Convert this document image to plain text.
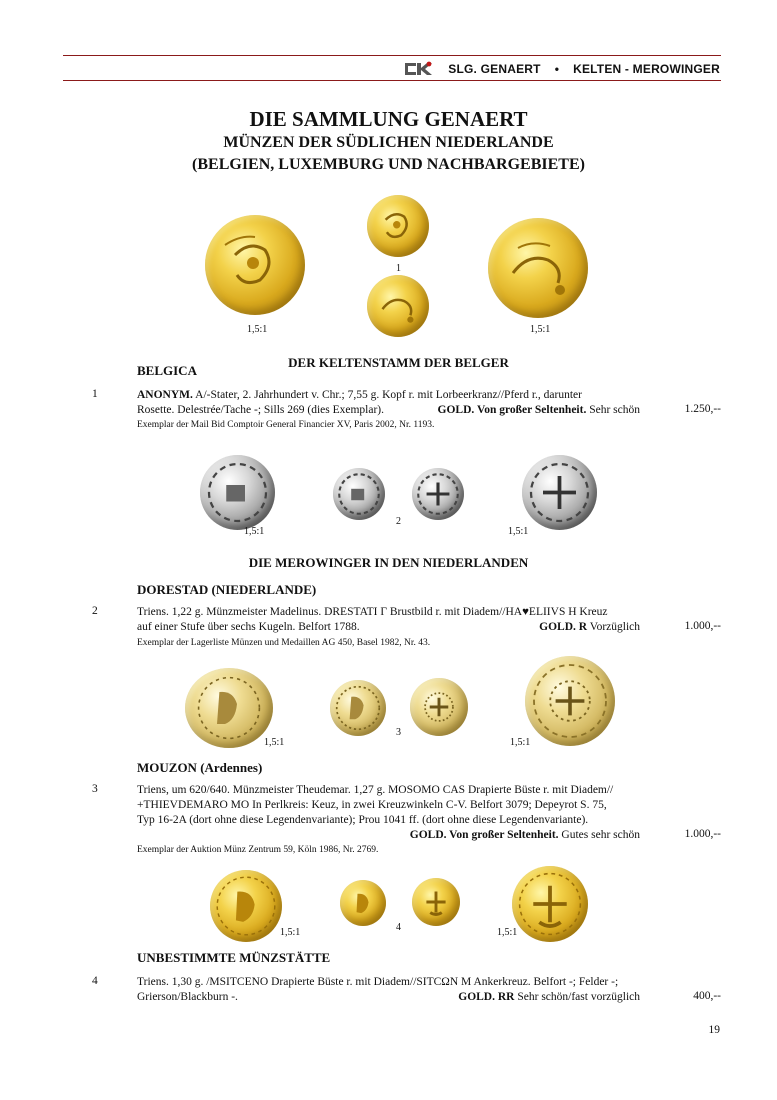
SLG. GENAERT • KELTEN - MEROWINGER
DIE SAMMLUNG GENAERT
MÜNZEN DER SÜDLICHEN NIEDERLANDE
(BELGIEN, LUXEMBURG UND NACHBARGEBIETE)
1
1,5:1	1,5:1
BELGICA
DER KELTENSTAMM DER BELGER
1	ANONYM. A/-Stater, 2. Jahrhundert v. Chr.; 7,55 g. Kopf r. mit Lorbeerkranz//Pferd r., darunter

Rosette. Delestrée/Tache -; Sills 269 (dies Exemplar).	GOLD. Von großer Seltenheit. Sehr schön	1.250,--
Exemplar der Mail Bid Comptoir General Financier XV, Paris 2002, Nr. 1193.
2
1,5:1	1,5:1
DIE MEROWINGER IN DEN NIEDERLANDEN
DORESTAD (NIEDERLANDE)
2	Triens. 1,22 g. Münzmeister Madelinus. DRESTATI Γ Brustbild r. mit Diadem//HA♥ELIIVS H Kreuz

auf einer Stufe über sechs Kugeln. Belfort 1788.	GOLD. R Vorzüglich	1.000,--
Exemplar der Lagerliste Münzen und Medaillen AG 450, Basel 1982, Nr. 43.
3
1,5:1	1,5:1
MOUZON (Ardennes)
3	Triens, um 620/640. Münzmeister Theudemar. 1,27 g. MOSOMO CAS Drapierte Büste r. mit Diadem//

+THIEVDEMARO MO In Perlkreis: Keuz, in zwei Kreuzwinkeln C-V. Belfort 3079; Depeyrot S. 75,

Typ 16-2A (dort ohne diese Legendenvariante); Prou 1041 ff. (dort ohne diese Legendenvariante).

GOLD. Von großer Seltenheit. Gutes sehr schön	1.000,--
Exemplar der Auktion Münz Zentrum 59, Köln 1986, Nr. 2769.
4
1,5:1	1,5:1
UNBESTIMMTE MÜNZSTÄTTE
4	Triens. 1,30 g. /MSITCENO Drapierte Büste r. mit Diadem//SITCΩN M Ankerkreuz. Belfort -; Felder -;

Grierson/Blackburn -.	GOLD. RR Sehr schön/fast vorzüglich	400,--
19
